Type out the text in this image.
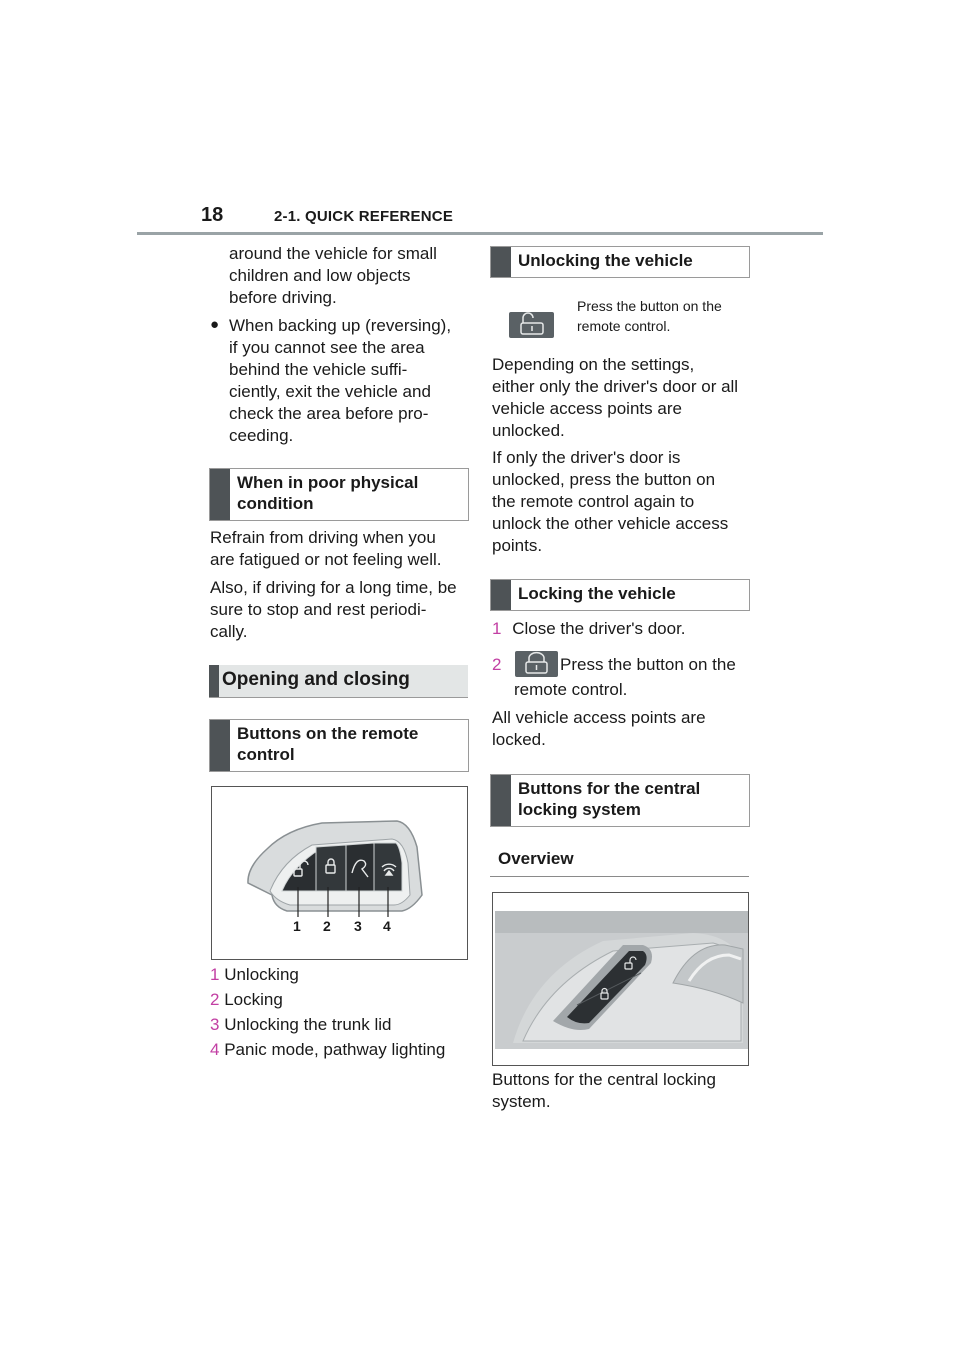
18	2-1. QUICK REFERENCE
around the vehicle for small
children and low objects
before driving.
● When backing up (reversing),
if you cannot see the area
behind the vehicle suffi-
ciently, exit the vehicle and
check the area before pro-
ceeding.
When in poor physical
condition
Refrain from driving when you
are fatigued or not feeling well.
Also, if driving for a long time, be
sure to stop and rest periodi-
cally.
Opening and closing
Buttons on the remote
control
1 2 3 4
1 Unlocking
2 Locking
3 Unlocking the trunk lid
4 Panic mode, pathway lighting
Unlocking the vehicle
Press the button on the
remote control.
Depending on the settings,
either only the driver's door or all
vehicle access points are
unlocked.
If only the driver's door is
unlocked, press the button on
the remote control again to
unlock the other vehicle access
points.
Locking the vehicle
1 Close the driver's door.
2	Press the button on the
remote control.
All vehicle access points are
locked.
Buttons for the central
locking system
Overview
Buttons for the central locking
system.
